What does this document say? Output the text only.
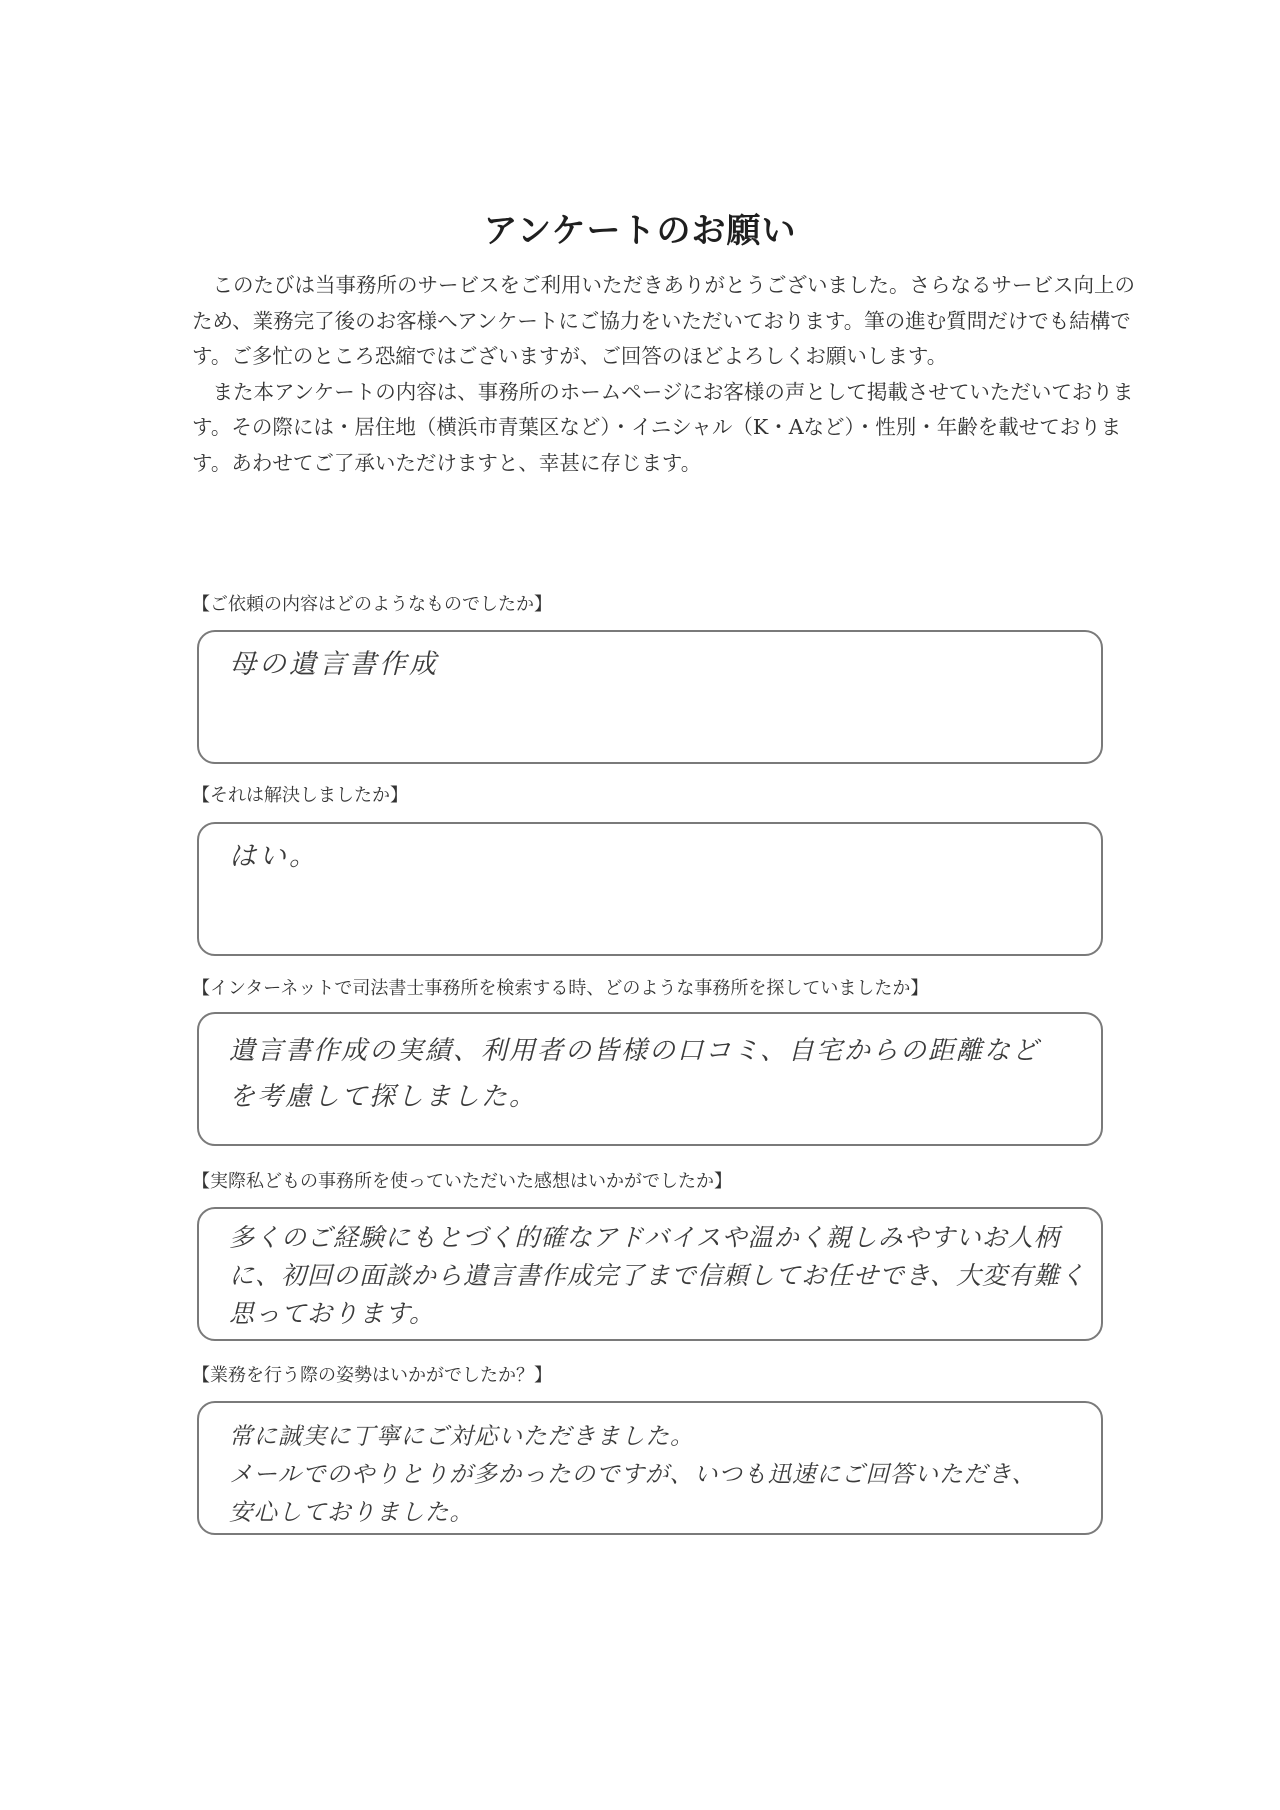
アンケートのお願い

このたびは当事務所のサービスをご利用いただきありがとうございました。さらなるサービス向上のため、業務完了後のお客様へアンケートにご協力をいただいております。筆の進む質問だけでも結構です。ご多忙のところ恐縮ではございますが、ご回答のほどよろしくお願いします。

また本アンケートの内容は、事務所のホームページにお客様の声として掲載させていただいております。その際には・居住地（横浜市青葉区など）・イニシャル（K・Aなど）・性別・年齢を載せております。あわせてご了承いただけますと、幸甚に存じます。

【ご依頼の内容はどのようなものでしたか】
母の遺言書作成
【それは解決しましたか】
はい。
【インターネットで司法書士事務所を検索する時、どのような事務所を探していましたか】
遺言書作成の実績、利用者の皆様の口コミ、自宅からの距離など
を考慮して探しました。
【実際私どもの事務所を使っていただいた感想はいかがでしたか】
多くのご経験にもとづく的確なアドバイスや温かく親しみやすいお人柄
に、初回の面談から遺言書作成完了まで信頼してお任せでき、大変有難く
思っております。
【業務を行う際の姿勢はいかがでしたか？】
常に誠実に丁寧にご対応いただきました。
メールでのやりとりが多かったのですが、いつも迅速にご回答いただき、
安心しておりました。
